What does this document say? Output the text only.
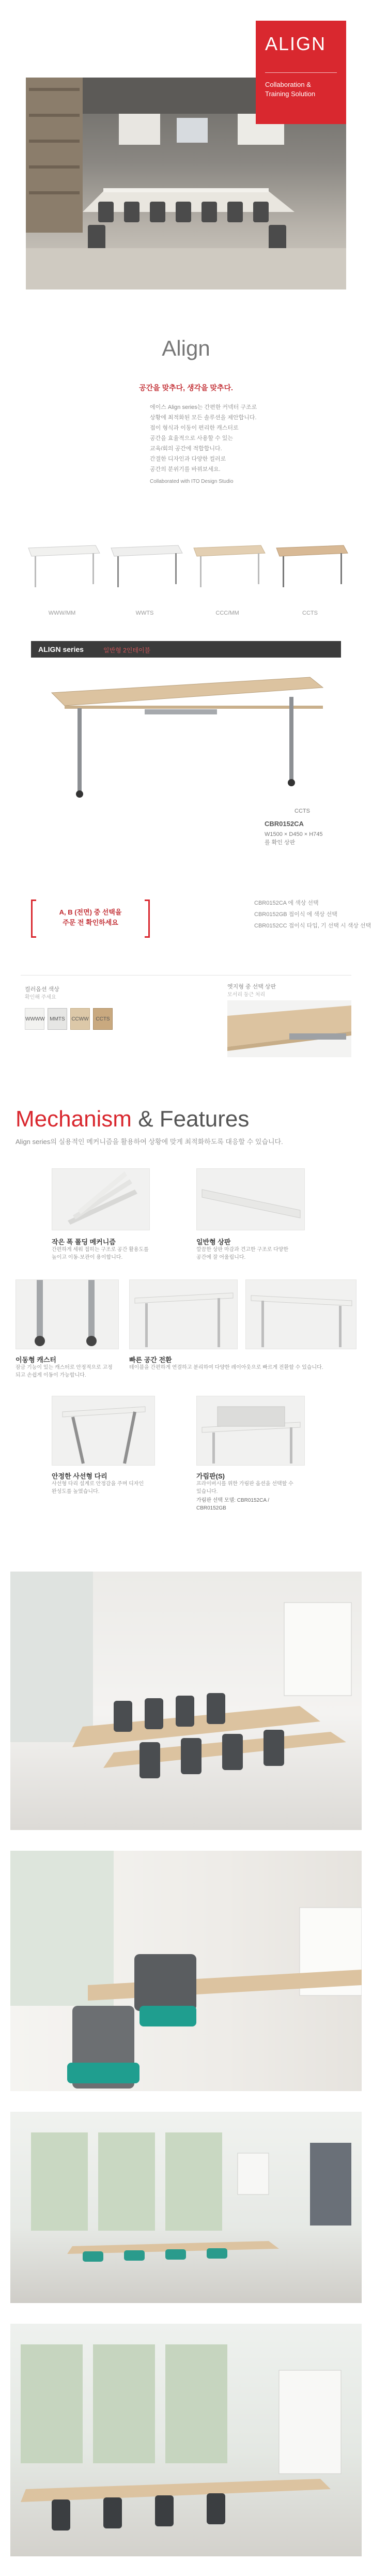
ALIGN
Collaboration &
Training Solution
Align
공간을 맞추다, 생각을 맞추다.
에이스 Align series는 간편한 커넥터 구조로
상황에 최적화된 모든 솔루션을 제안합니다.
접이 형식과 이동이 편리한 캐스터로
공간을 효율적으로 사용할 수 있는
교육/회의 공간에 적합합니다.
간결한 디자인과 다양한 컬러로
공간의 분위기를 바꿔보세요.
Collaborated with ITO Design Studio
WWW/MM	WWTS	CCC/MM	CCTS
ALIGN series	일반형 2인테이블
CCTS
CBR0152CA
W1500 × D450 × H745
를 확인 상판
A, B (전면) 중 선택을
주문 전 확인하세요
CBR0152CA 에 색상 선택
CBR0152GB 접이식 에 색상 선택
CBR0152CC 접이식 타입, 기 선택 시 색상 선택
컬러옵션 색상
확인해 주세요
WWWW MMTS	CCWW	CCTS
엣지형 중 선택 상판
모서리 둥근 처리
Mechanism & Features
Align series의 실용적인 메커니즘을 활용하여 상황에 맞게 최적화하도록 대응할 수 있습니다.
작은 폭 폴딩 메커니즘
간편하게 세워 접히는 구조로 공간 활용도를 높이고 이동·보관이 용이합니다.
일반형 상판
깔끔한 상판 마감과 견고한 구조로 다양한 공간에 잘 어울립니다.
이동형 캐스터
잠금 기능이 있는 캐스터로 안정적으로 고정되고 손쉽게 이동이 가능합니다.
빠른 공간 전환
테이블을 간편하게 연결하고 분리하여 다양한 레이아웃으로 빠르게 전환할 수 있습니다.
안정한 사선형 다리
사선형 다리 설계로 안정감을 주며 디자인 완성도를 높였습니다.
가림판(S)
프라이버시를 위한 가림판 옵션을 선택할 수 있습니다.
가림판 선택 모델: CBR0152CA / CBR0152GB
